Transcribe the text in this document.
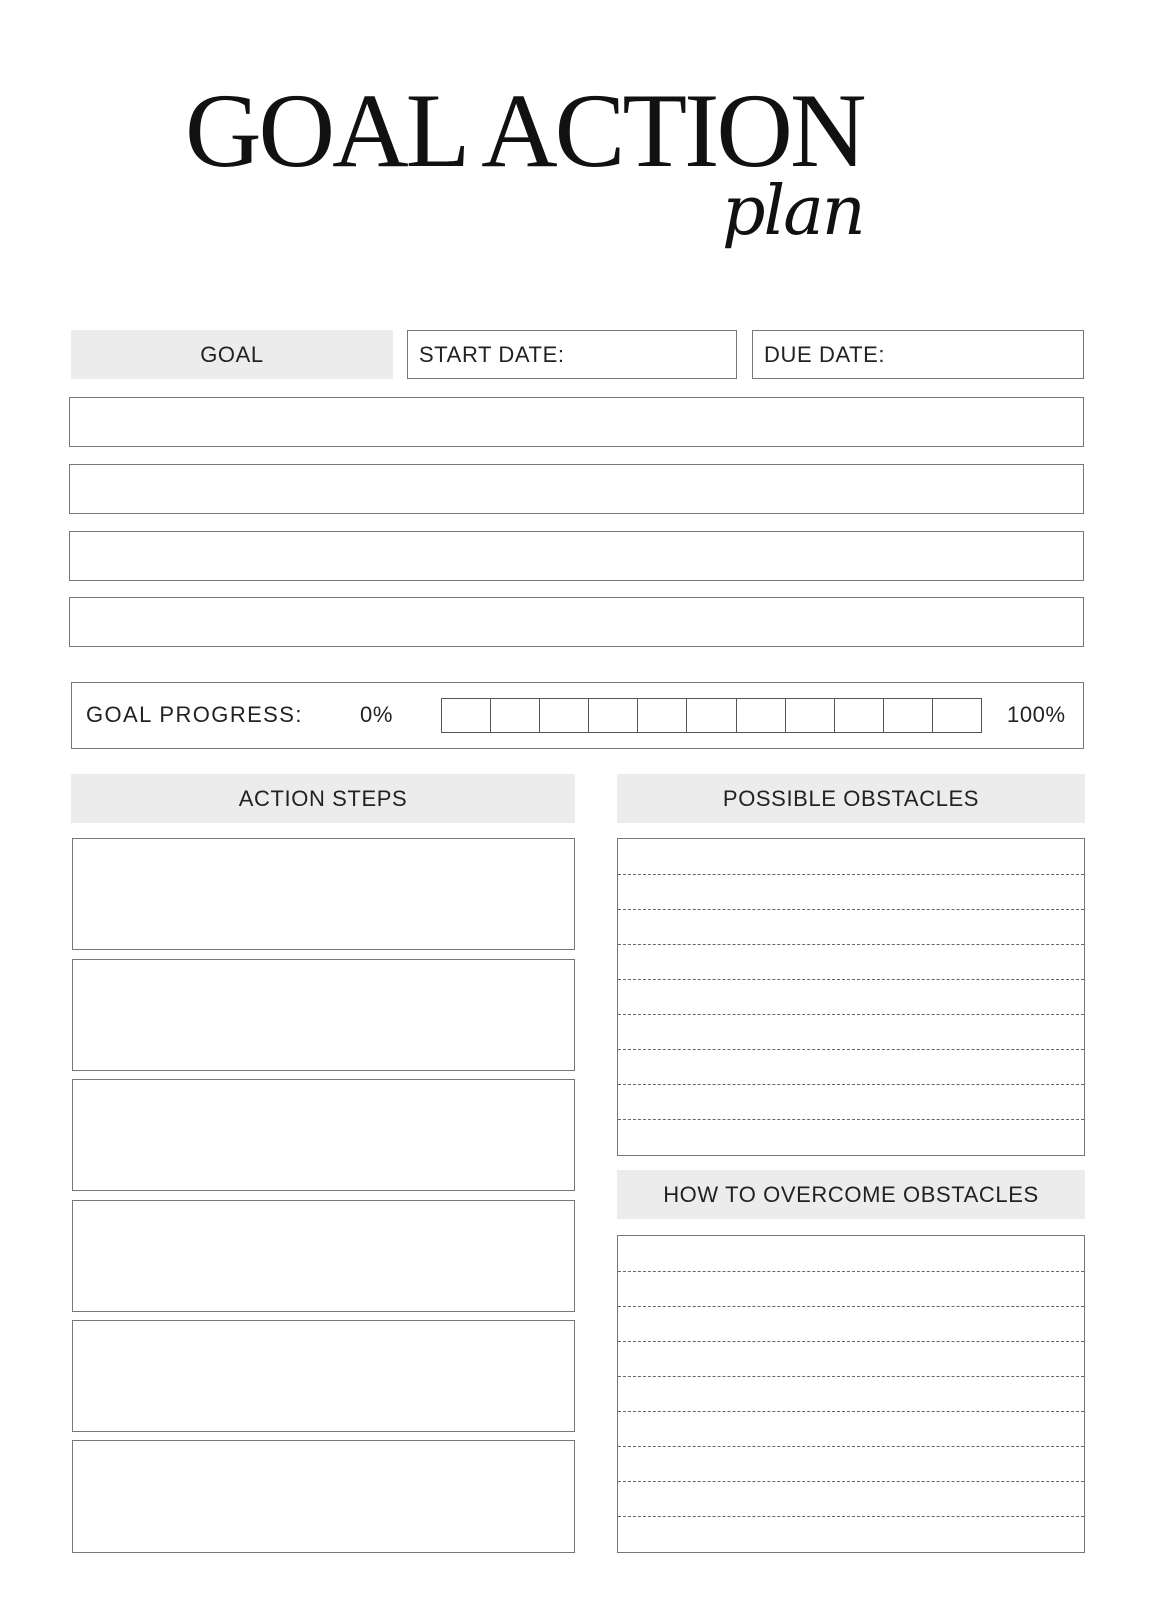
GOAL ACTION
plan
GOAL	START DATE:	DUE DATE:
GOAL PROGRESS:	0%	100%
ACTION STEPS	POSSIBLE OBSTACLES
HOW TO OVERCOME OBSTACLES
